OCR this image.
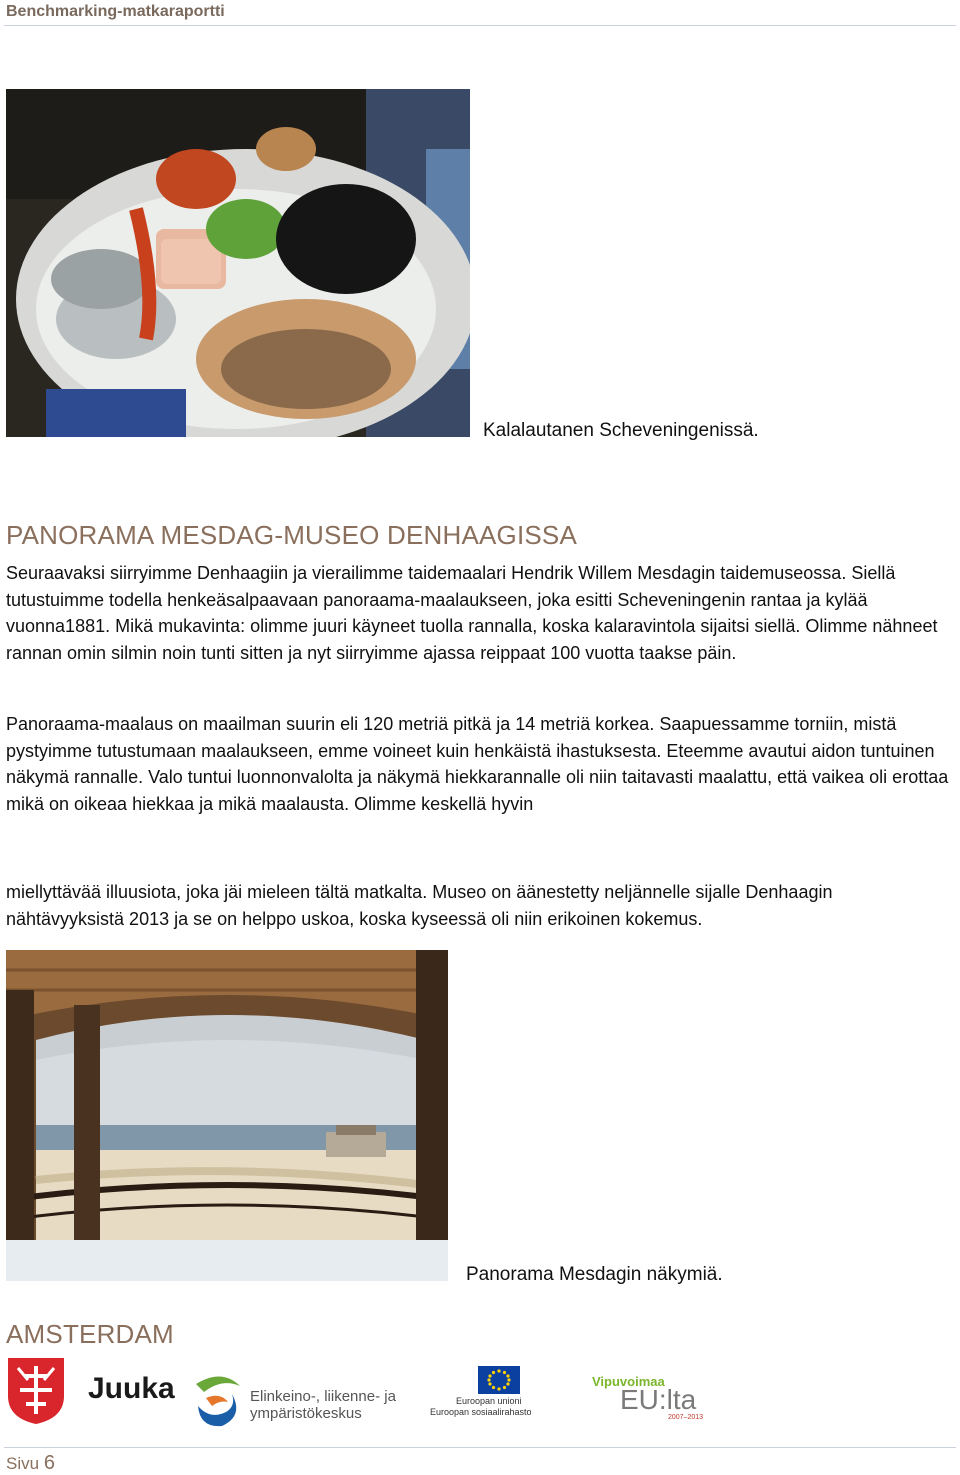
Benchmarking-matkaraportti
Kalalautanen Scheveningenissä.
PANORAMA MESDAG-MUSEO DENHAAGISSA

Seuraavaksi siirryimme Denhaagiin ja vierailimme taidemaalari Hendrik Willem Mesdagin taidemuseossa. Siellä tutustuimme todella henkeäsalpaavaan panoraama-maalaukseen, joka esitti Scheveningenin rantaa ja kylää vuonna1881. Mikä mukavinta: olimme juuri käyneet tuolla rannalla, koska kalaravintola sijaitsi siellä. Olimme nähneet rannan omin silmin noin tunti sitten ja nyt siirryimme ajassa reippaat 100 vuotta taakse päin.

Panoraama-maalaus on maailman suurin eli 120 metriä pitkä ja 14 metriä korkea. Saapuessamme torniin, mistä pystyimme tutustumaan maalaukseen, emme voineet kuin henkäistä ihastuksesta. Eteemme avautui aidon tuntuinen näkymä rannalle. Valo tuntui luonnonvalolta ja näkymä hiekkarannalle oli niin taitavasti maalattu, että vaikea oli erottaa mikä on oikeaa hiekkaa ja mikä maalausta. Olimme keskellä hyvin

miellyttävää illuusiota, joka jäi mieleen tältä matkalta. Museo on äänestetty neljännelle sijalle Denhaagin nähtävyyksistä 2013 ja se on helppo uskoa, koska kyseessä oli niin erikoinen kokemus.

Panorama Mesdagin näkymiä.
AMSTERDAM
Juuka	Elinkeino-, liikenne- ja
ympäristökeskus
Euroopan unioni
Euroopan sosiaalirahasto
Vipuvoimaa
EU:lta
2007–2013
Sivu 6
